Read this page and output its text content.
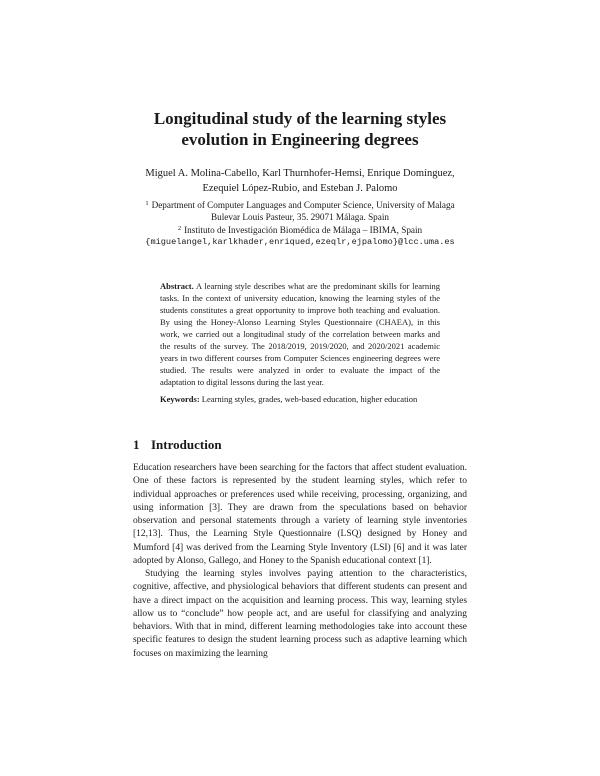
Longitudinal study of the learning styles
evolution in Engineering degrees
Miguel A. Molina-Cabello, Karl Thurnhofer-Hemsi, Enrique Domínguez,
Ezequiel López-Rubio, and Esteban J. Palomo
$^1$ Department of Computer Languages and Computer Science, University of Malaga
Bulevar Louis Pasteur, 35. 29071 Málaga. Spain
$^2$ Instituto de Investigación Biomédica de Málaga – IBIMA, Spain
{miguelangel,karlkhader,enriqued,ezeqlr,ejpalomo}@lcc.uma.es
Abstract. A learning style describes what are the predominant skills for learning tasks. In the context of university education, knowing the learning styles of the students constitutes a great opportunity to improve both teaching and evaluation. By using the Honey-Alonso Learning Styles Questionnaire (CHAEA), in this work, we carried out a longitudinal study of the correlation between marks and the results of the survey. The 2018/2019, 2019/2020, and 2020/2021 academic years in two different courses from Computer Sciences engineering degrees were studied. The results were analyzed in order to evaluate the impact of the adaptation to digital lessons during the last year.
Keywords: Learning styles, grades, web-based education, higher education
1 Introduction

Education researchers have been searching for the factors that affect student evaluation. One of these factors is represented by the student learning styles, which refer to individual approaches or preferences used while receiving, processing, organizing, and using information [3]. They are drawn from the speculations based on behavior observation and personal statements through a variety of learning style inventories [12,13]. Thus, the Learning Style Questionnaire (LSQ) designed by Honey and Mumford [4] was derived from the Learning Style Inventory (LSI) [6] and it was later adopted by Alonso, Gallego, and Honey to the Spanish educational context [1].

Studying the learning styles involves paying attention to the characteristics, cognitive, affective, and physiological behaviors that different students can present and have a direct impact on the acquisition and learning process. This way, learning styles allow us to “conclude” how people act, and are useful for classifying and analyzing behaviors. With that in mind, different learning methodologies take into account these specific features to design the student learning process such as adaptive learning which focuses on maximizing the learning
